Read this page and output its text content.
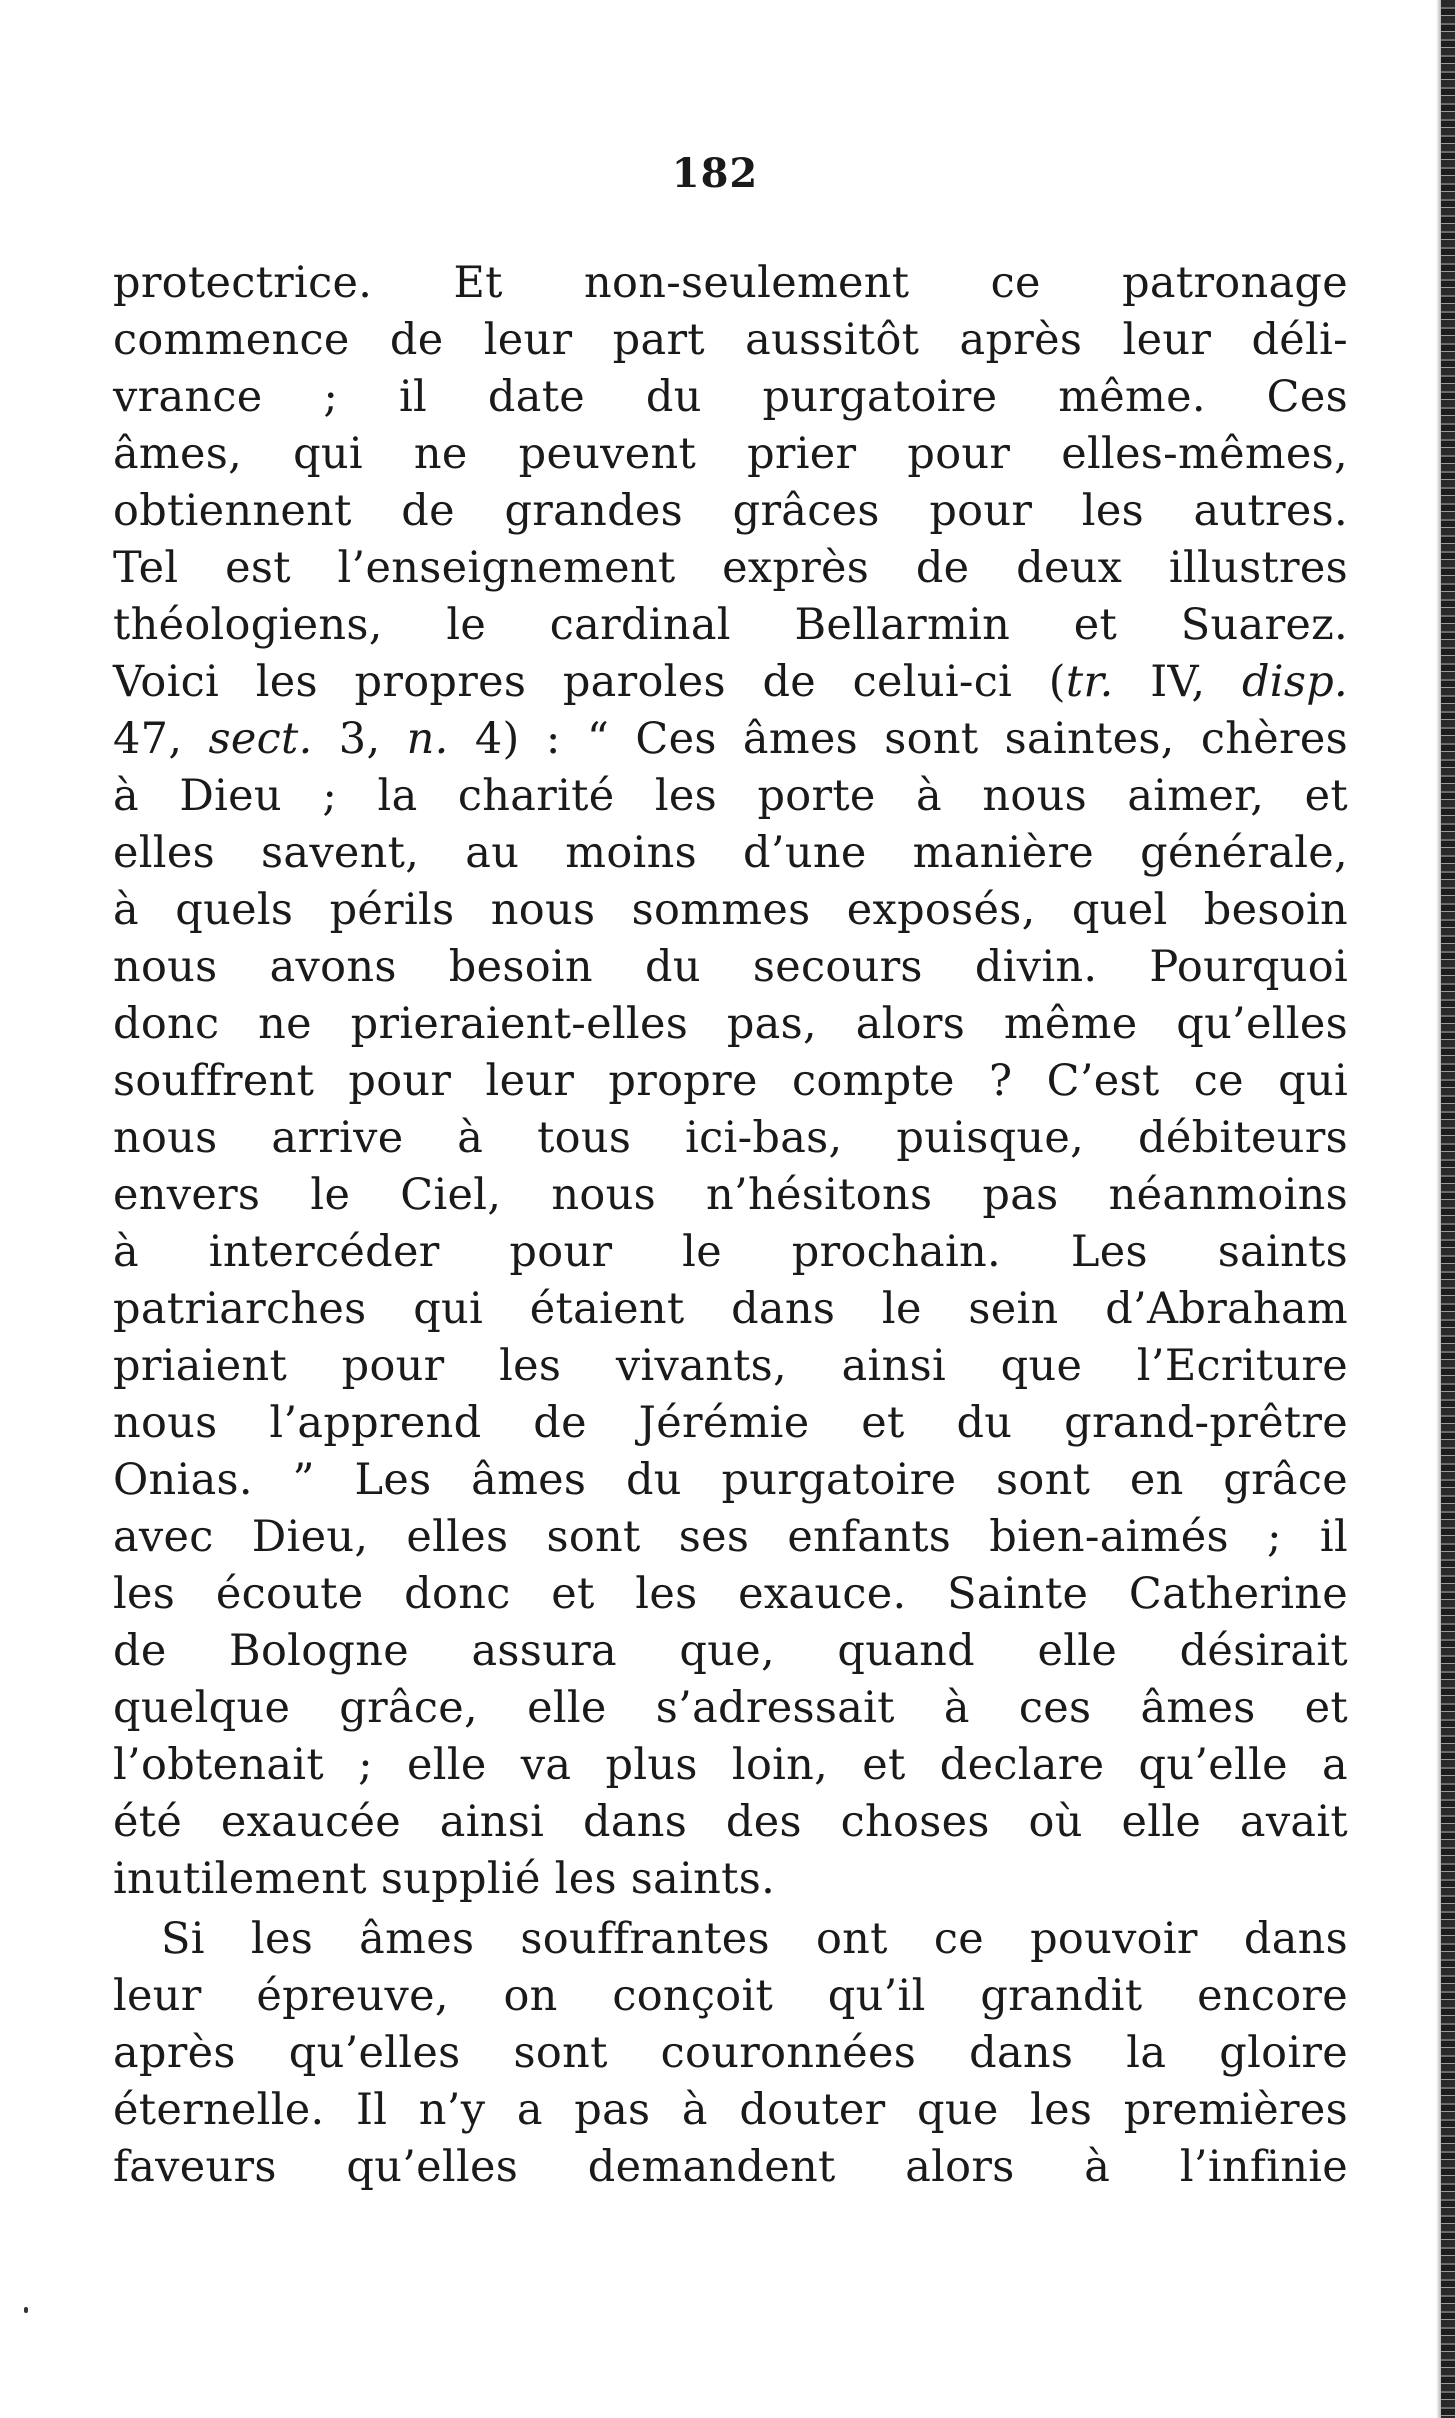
182
protectrice. Et non-seulement ce patronage
commence de leur part aussitôt après leur déli-
vrance ; il date du purgatoire même. Ces
âmes, qui ne peuvent prier pour elles-mêmes,
obtiennent de grandes grâces pour les autres.
Tel est l’enseignement exprès de deux illustres
théologiens, le cardinal Bellarmin et Suarez.
Voici les propres paroles de celui-ci (tr. IV, disp.
47, sect. 3, n. 4) : “ Ces âmes sont saintes, chères
à Dieu ; la charité les porte à nous aimer, et
elles savent, au moins d’une manière générale,
à quels périls nous sommes exposés, quel besoin
nous avons besoin du secours divin. Pourquoi
donc ne prieraient-elles pas, alors même qu’elles
souffrent pour leur propre compte ? C’est ce qui
nous arrive à tous ici-bas, puisque, débiteurs
envers le Ciel, nous n’hésitons pas néanmoins
à intercéder pour le prochain. Les saints
patriarches qui étaient dans le sein d’Abraham
priaient pour les vivants, ainsi que l’Ecriture
nous l’apprend de Jérémie et du grand-prêtre
Onias. ” Les âmes du purgatoire sont en grâce
avec Dieu, elles sont ses enfants bien-aimés ; il
les écoute donc et les exauce. Sainte Catherine
de Bologne assura que, quand elle désirait
quelque grâce, elle s’adressait à ces âmes et
l’obtenait ; elle va plus loin, et declare qu’elle a
été exaucée ainsi dans des choses où elle avait
inutilement supplié les saints.
Si les âmes souffrantes ont ce pouvoir dans
leur épreuve, on conçoit qu’il grandit encore
après qu’elles sont couronnées dans la gloire
éternelle. Il n’y a pas à douter que les premières
faveurs qu’elles demandent alors à l’infinie
